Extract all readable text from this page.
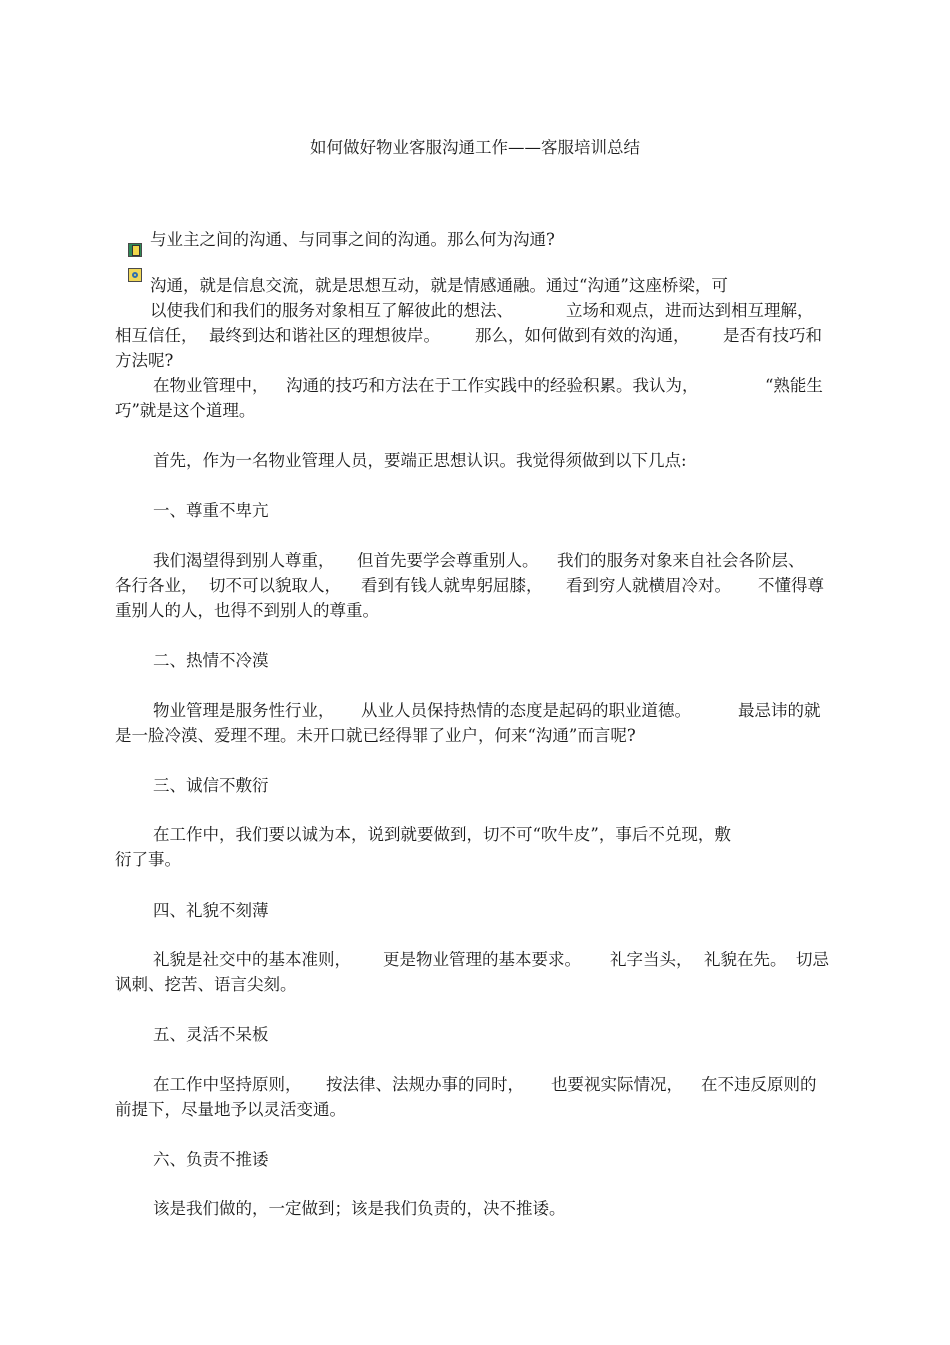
如何做好物业客服沟通工作——客服培训总结

与业主之间的沟通、与同事之间的沟通。那么何为沟通?

沟通，就是信息交流，就是思想互动，就是情感通融。通过“沟通”这座桥梁，可

以使我们和我们的服务对象相互了解彼此的想法、	立场和观点，进而达到相互理解，

相互信任， 最终到达和谐社区的理想彼岸。 那么，如何做到有效的沟通， 是否有技巧和

方法呢?

在物业管理中， 沟通的技巧和方法在于工作实践中的经验积累。我认为，	“熟能生

巧”就是这个道理。

首先，作为一名物业管理人员，要端正思想认识。我觉得须做到以下几点:

一、尊重不卑亢

我们渴望得到别人尊重， 但首先要学会尊重别人。 我们的服务对象来自社会各阶层、

各行各业， 切不可以貌取人， 看到有钱人就卑躬屈膝， 看到穷人就横眉冷对。 不懂得尊

重别人的人，也得不到别人的尊重。

二、热情不冷漠

物业管理是服务性行业， 从业人员保持热情的态度是起码的职业道德。	最忌讳的就

是一脸冷漠、爱理不理。未开口就已经得罪了业户，何来“沟通”而言呢?

三、诚信不敷衍

在工作中，我们要以诚为本，说到就要做到，切不可“吹牛皮”，事后不兑现，敷

衍了事。

四、礼貌不刻薄

礼貌是社交中的基本准则， 更是物业管理的基本要求。 礼字当头， 礼貌在先。 切忌

讽刺、挖苦、语言尖刻。

五、灵活不呆板

在工作中坚持原则， 按法律、法规办事的同时， 也要视实际情况， 在不违反原则的

前提下，尽量地予以灵活变通。

六、负责不推诿

该是我们做的，一定做到；该是我们负责的，决不推诿。
